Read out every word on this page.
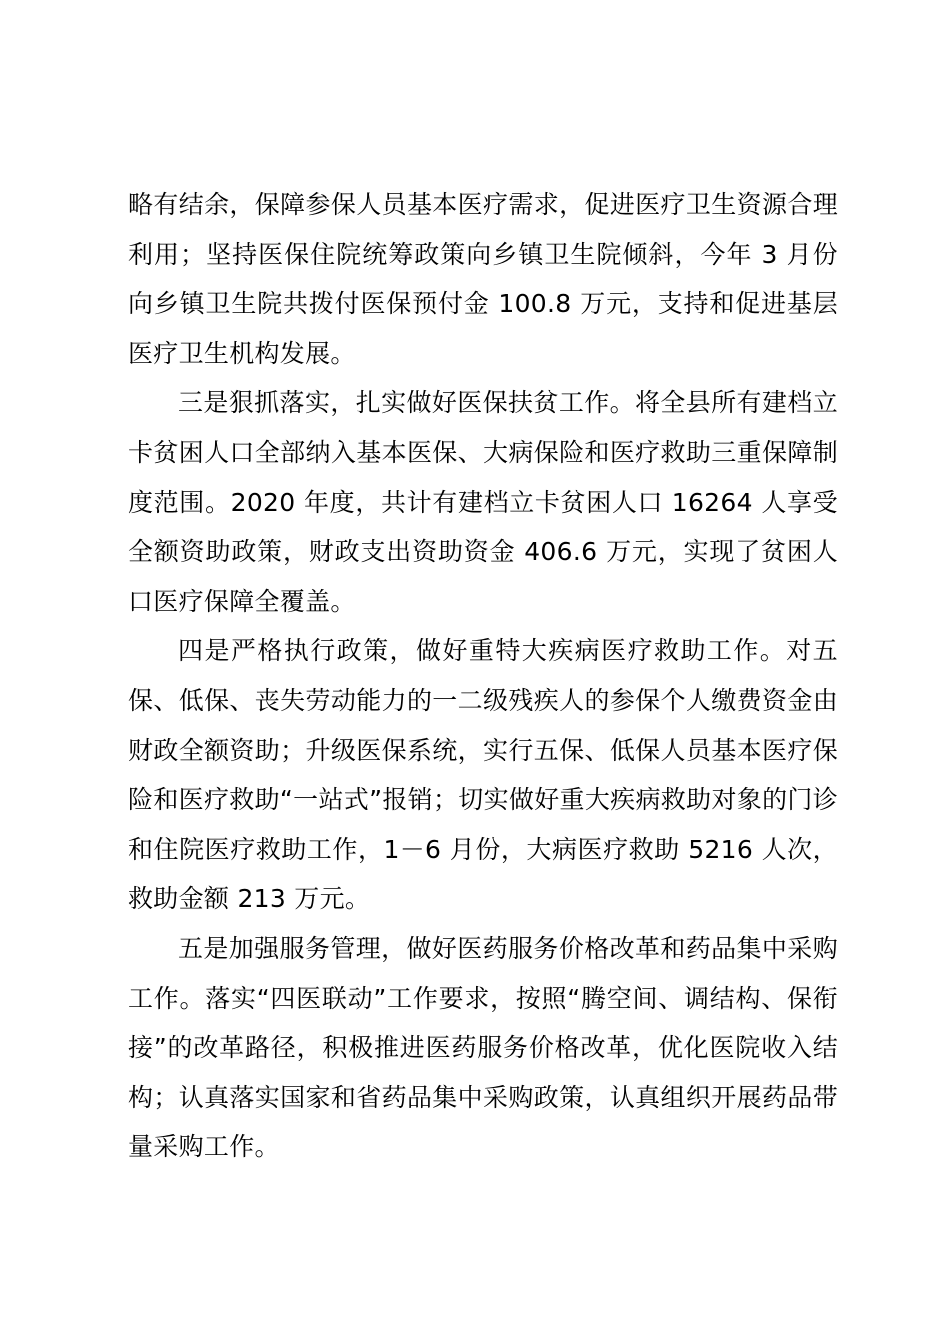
略有结余，保障参保人员基本医疗需求，促进医疗卫生资源合理利用；坚持医保住院统筹政策向乡镇卫生院倾斜，今年 3 月份向乡镇卫生院共拨付医保预付金 100.8 万元，支持和促进基层医疗卫生机构发展。

三是狠抓落实，扎实做好医保扶贫工作。将全县所有建档立卡贫困人口全部纳入基本医保、大病保险和医疗救助三重保障制度范围。2020 年度，共计有建档立卡贫困人口 16264 人享受全额资助政策，财政支出资助资金 406.6 万元，实现了贫困人口医疗保障全覆盖。

四是严格执行政策，做好重特大疾病医疗救助工作。对五保、低保、丧失劳动能力的一二级残疾人的参保个人缴费资金由财政全额资助；升级医保系统，实行五保、低保人员基本医疗保险和医疗救助“一站式”报销；切实做好重大疾病救助对象的门诊和住院医疗救助工作，1－6 月份，大病医疗救助 5216 人次，救助金额 213 万元。

五是加强服务管理，做好医药服务价格改革和药品集中采购工作。落实“四医联动”工作要求，按照“腾空间、调结构、保衔接”的改革路径，积极推进医药服务价格改革，优化医院收入结构；认真落实国家和省药品集中采购政策，认真组织开展药品带量采购工作。
